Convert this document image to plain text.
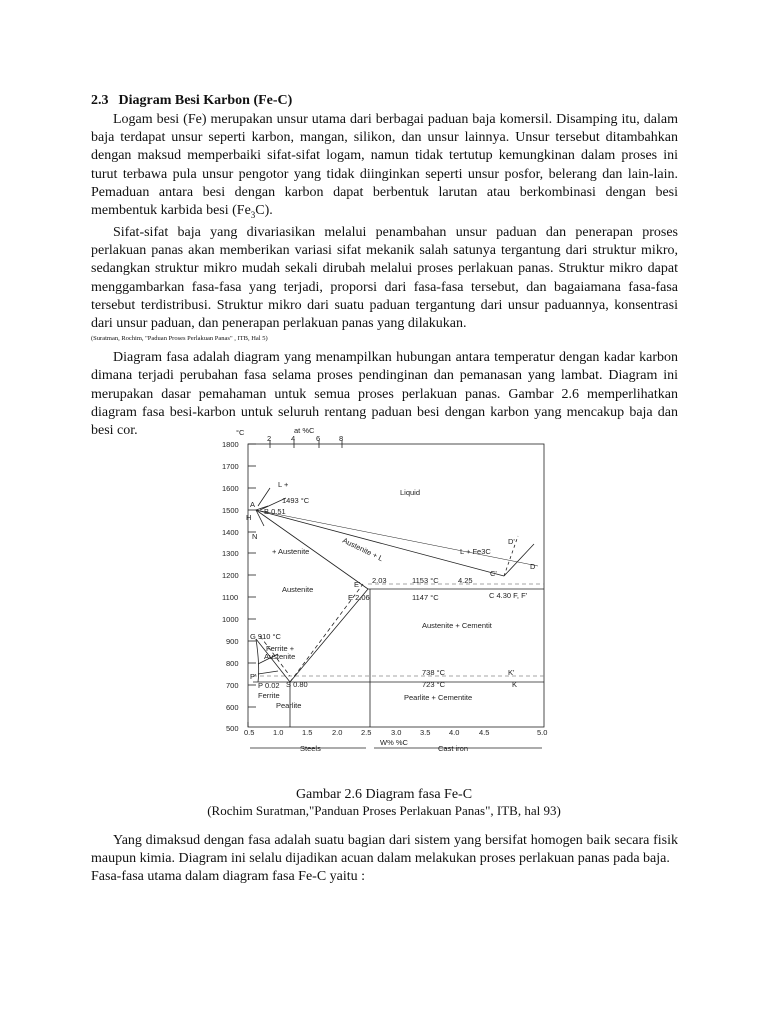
2.3 Diagram Besi Karbon (Fe-C)

Logam besi (Fe) merupakan unsur utama dari berbagai paduan baja komersil. Disamping itu, dalam baja terdapat unsur seperti karbon, mangan, silikon, dan unsur lainnya. Unsur tersebut ditambahkan dengan maksud memperbaiki sifat-sifat logam, namun tidak tertutup kemungkinan dalam proses ini turut terbawa pula unsur pengotor yang tidak diinginkan seperti unsur posfor, belerang dan lain-lain. Pemaduan antara besi dengan karbon dapat berbentuk larutan atau berkombinasi dengan besi membentuk karbida besi $(Fe_3C)$.

Sifat-sifat baja yang divariasikan melalui penambahan unsur paduan dan penerapan proses perlakuan panas akan memberikan variasi sifat mekanik salah satunya tergantung dari struktur mikro, sedangkan struktur mikro mudah sekali dirubah melalui proses perlakuan panas. Struktur mikro dapat menggambarkan fasa-fasa yang terjadi, proporsi dari fasa-fasa tersebut, dan bagaiamana fasa-fasa tersebut terdistribusi. Struktur mikro dari suatu paduan tergantung dari unsur paduannya, konsentrasi dari unsur paduan, dan penerapan perlakuan panas yang dilakukan.

(Suratman, Rochim, "Paduan Proses Perlakuan Panas" , ITB, Hal 5)

Diagram fasa adalah diagram yang menampilkan hubungan antara temperatur dengan kadar karbon dimana terjadi perubahan fasa selama proses pendinginan dan pemanasan yang lambat. Diagram ini merupakan dasar pemahaman untuk semua proses perlakuan panas. Gambar 2.6 memperlihatkan diagram fasa besi-karbon untuk seluruh rentang paduan besi dengan karbon yang mencakup baja dan besi cor.	°C	at %C
2	4	6	8
1800
1700
1600
1500
1400
1300
1200
1100
1000
900
800
700
600
500 0.5 1.0 1.5	2.0 2.5	3.0 3.5 4.0	4.5	5.0
W% %C
Steels	Cast iron
Liquid
L +
A	1493 °C
B 0.51
H
N
+ Austenite	Austenite + L	L + Fe3C
D'
D
C'
E' 2.03	1153 °C	4.25
Austenite
E 2.06	1147 °C	C 4.30 F, F'
Austenite + Cementit
G 910 °C
Ferrite +
Austenite
738 °C	K'
P'
P 0.02 S 0.80	723 °C	K
Ferrite	Pearlite + Cementite
Pearlite
Gambar 2.6 Diagram fasa Fe-C
(Rochim Suratman,"Panduan Proses Perlakuan Panas", ITB, hal 93)

Yang dimaksud dengan fasa adalah suatu bagian dari sistem yang bersifat homogen baik secara fisik maupun kimia. Diagram ini selalu dijadikan acuan dalam melakukan proses perlakuan panas pada baja.

Fasa-fasa utama dalam diagram fasa Fe-C yaitu :
